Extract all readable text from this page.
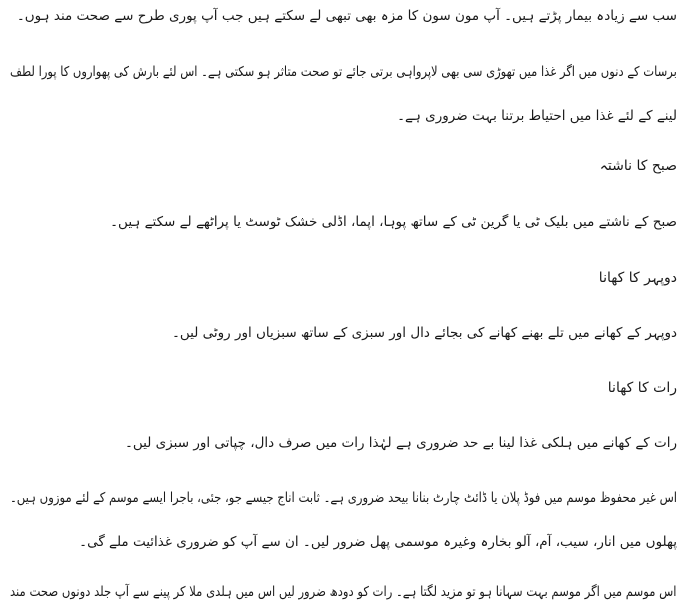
سب سے زیادہ بیمار پڑتے ہیں۔ آپ مون سون کا مزہ بھی تبھی لے سکتے ہیں جب آپ پوری طرح سے صحت مند ہوں۔
برسات کے دنوں میں اگر غذا میں تھوڑی سی بھی لاپرواہی برتی جائے تو صحت متاثر ہو سکتی ہے۔ اس لئے بارش کی پھواروں کا پورا لطف
لینے کے لئے غذا میں احتیاط برتنا بہت ضروری ہے۔
صبح کا ناشتہ
صبح کے ناشتے میں بلیک ٹی یا گرین ٹی کے ساتھ پوہا، اپما، اڈلی خشک ٹوسٹ یا پراٹھے لے سکتے ہیں۔
دوپہر کا کھانا
دوپہر کے کھانے میں تلے بھنے کھانے کی بجائے دال اور سبزی کے ساتھ سبزیاں اور روٹی لیں۔
رات کا کھانا
رات کے کھانے میں ہلکی غذا لینا بے حد ضروری ہے لہٰذا رات میں صرف دال، چپاتی اور سبزی لیں۔
اس غیر محفوظ موسم میں فوڈ پلان یا ڈائٹ چارٹ بنانا بیحد ضروری ہے۔ ثابت اناج جیسے جو، جئی، باجرا ایسے موسم کے لئے موزوں ہیں۔
پھلوں میں انار، سیب، آم، آلو بخارہ وغیرہ موسمی پھل ضرور لیں۔ ان سے آپ کو ضروری غذائیت ملے گی۔
اس موسم میں اگر موسم بہت سہانا ہو تو مزید لگتا ہے۔ رات کو دودھ ضرور لیں اس میں ہلدی ملا کر پینے سے آپ جلد دونوں صحت مند
